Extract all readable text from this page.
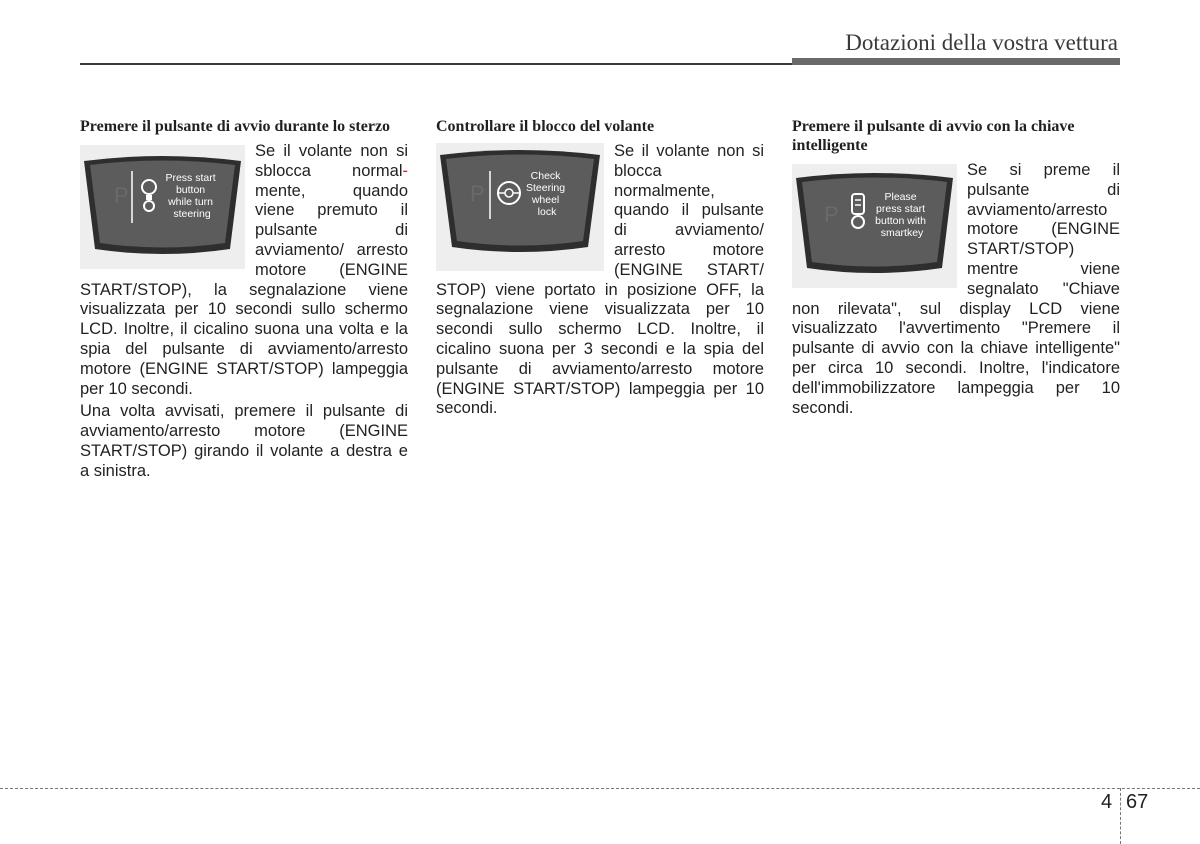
Dotazioni della vostra vettura
Premere il pulsante di avvio durante lo sterzo
P
Press start button while turn steering

Se il volante non si sblocca normal-mente, quando viene premuto il pulsante di avviamento/ arresto motore (ENGINE START/STOP), la segnalazione viene visualizzata per 10 secondi sullo schermo LCD. Inoltre, il cicalino suona una volta e la spia del pulsante di avviamento/arresto motore (ENGINE START/STOP) lampeggia per 10 secondi.

Una volta avvisati, premere il pulsante di avviamento/arresto motore (ENGINE START/STOP) girando il volante a destra e a sinistra.

Controllare il blocco del volante
P
Check Steering wheel lock

Se il volante non si blocca normalmente, quando il pulsante di avviamento/ arresto motore (ENGINE START/ STOP) viene portato in posizione OFF, la segnalazione viene visualizzata per 10 secondi sullo schermo LCD. Inoltre, il cicalino suona per 3 secondi e la spia del pulsante di avviamento/arresto motore (ENGINE START/STOP) lampeggia per 10 secondi.

Premere il pulsante di avvio con la chiave intelligente
P
Please press start button with smartkey

Se si preme il pulsante di avviamento/arresto motore (ENGINE START/STOP) mentre viene segnalato "Chiave non rilevata", sul display LCD viene visualizzato l'avvertimento "Premere il pulsante di avvio con la chiave intelligente" per circa 10 secondi. Inoltre, l'indicatore dell'immobilizzatore lampeggia per 10 secondi.

4 67
